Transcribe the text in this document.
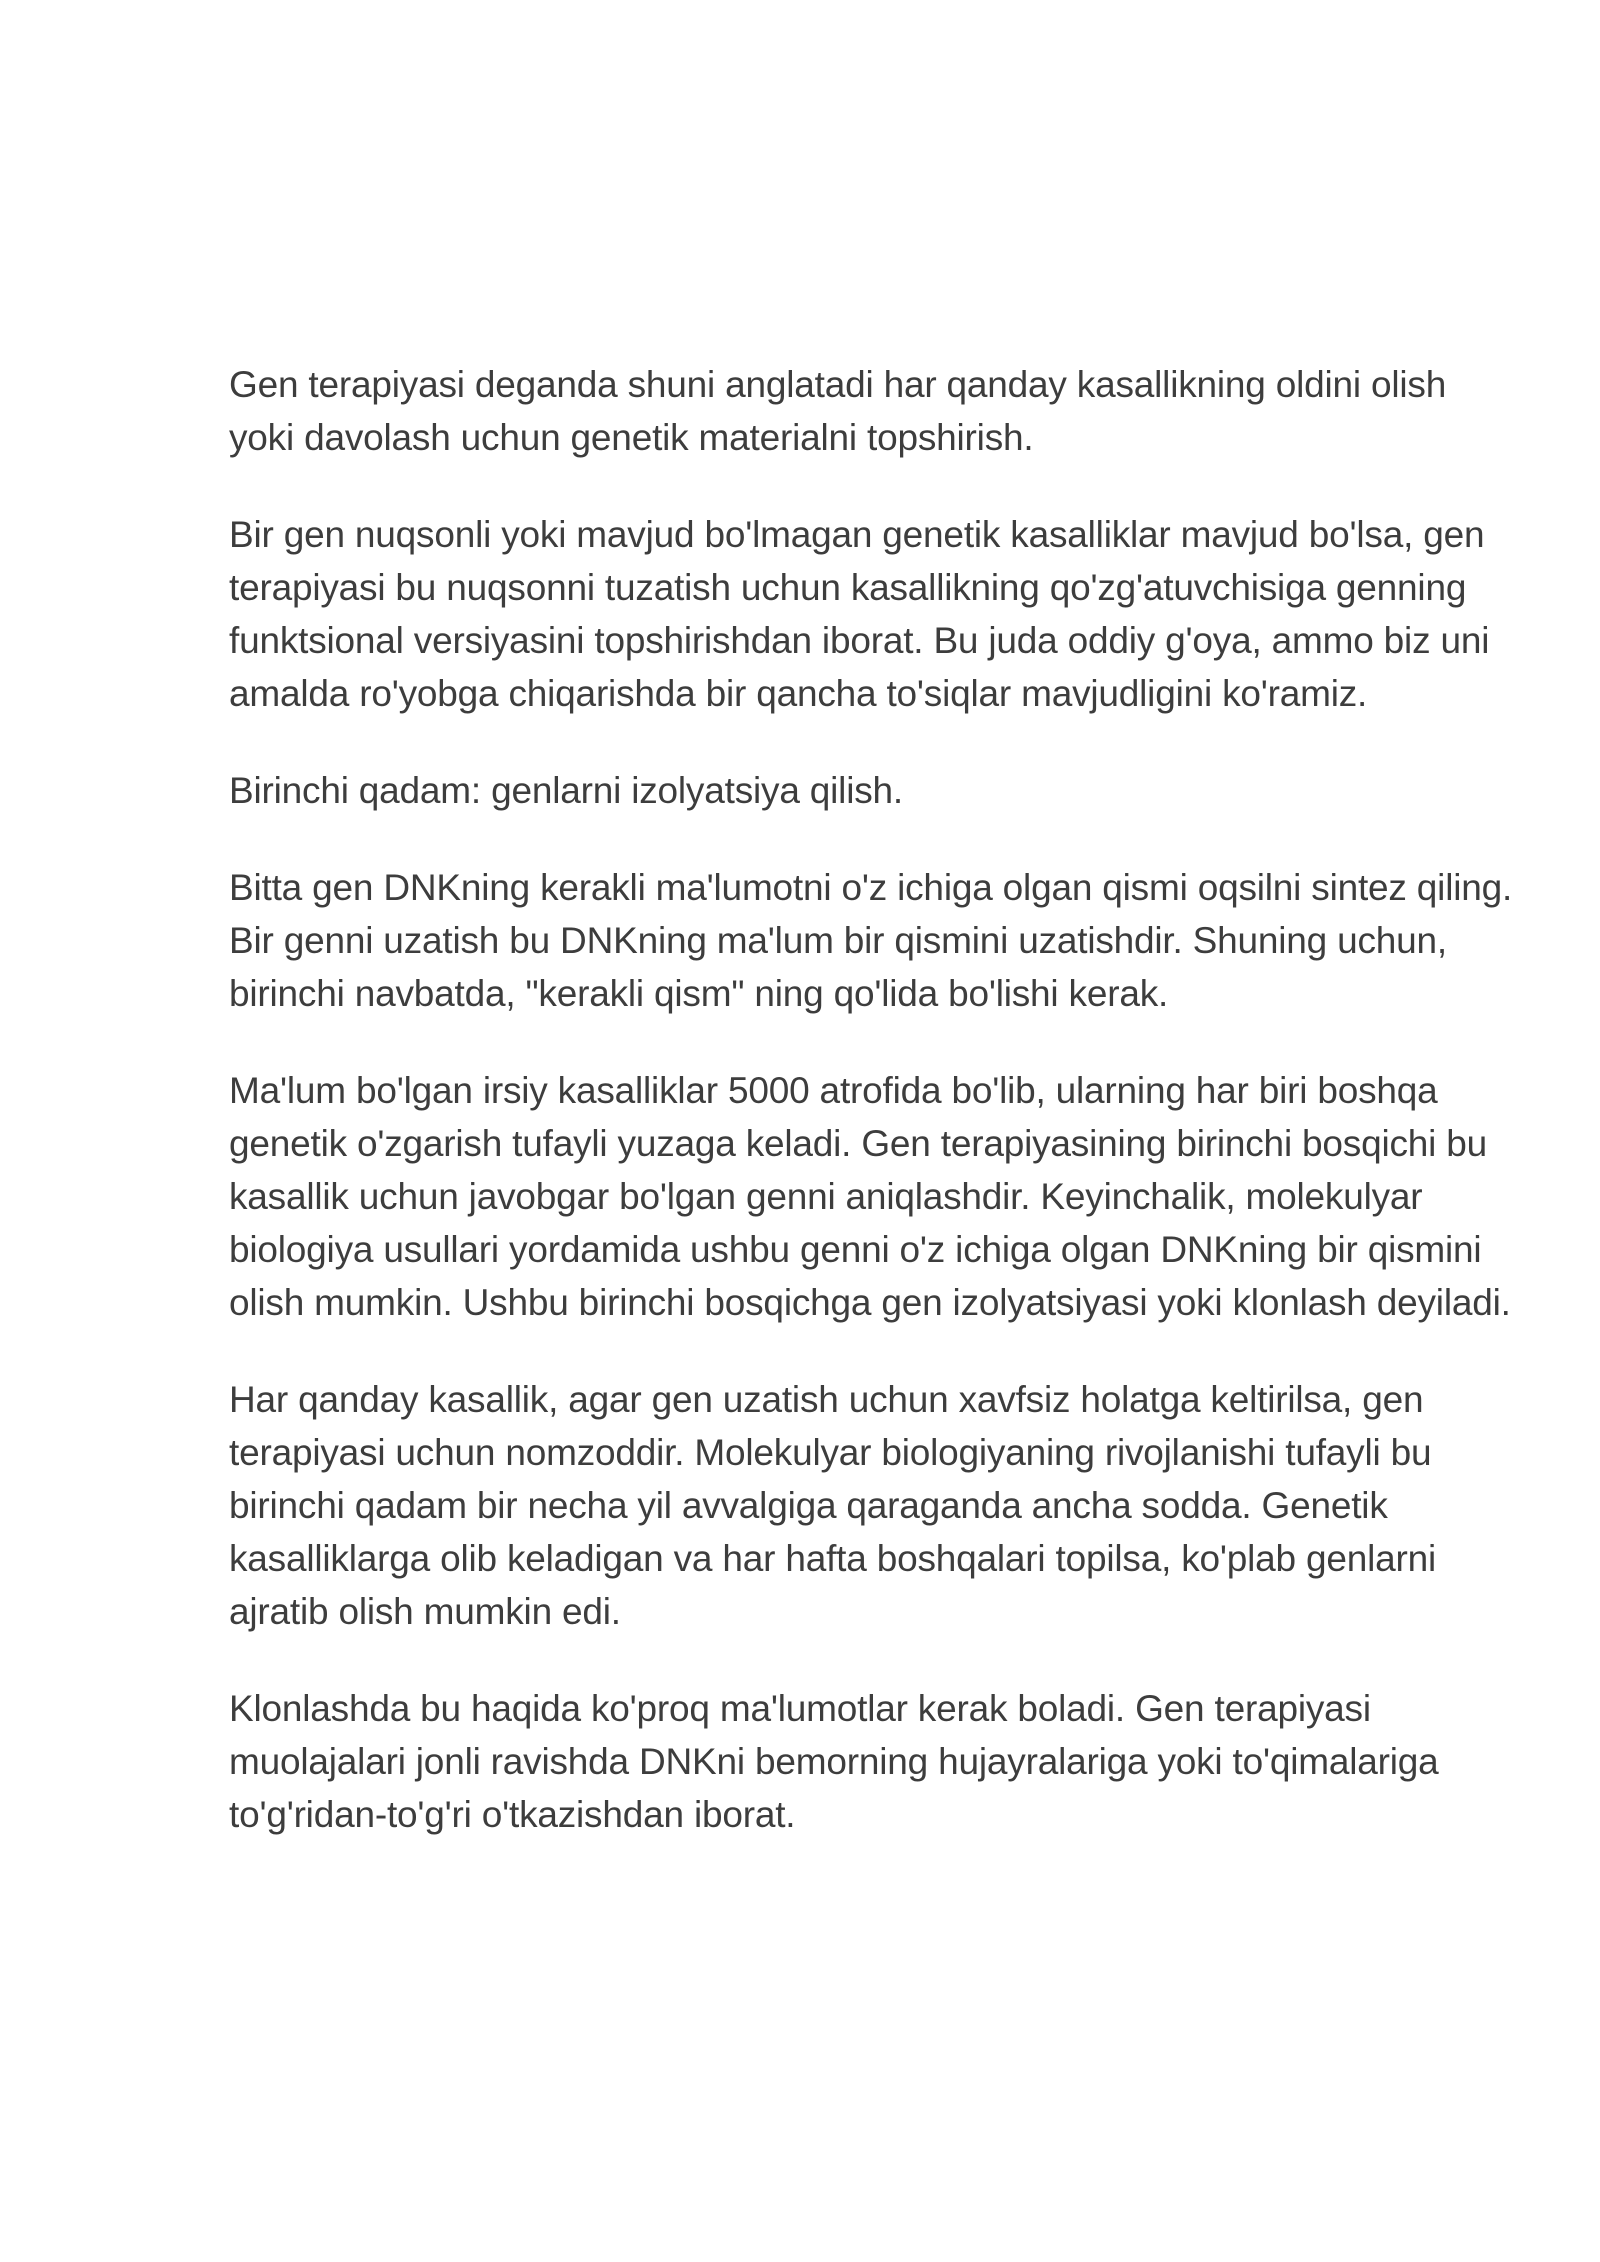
Gen terapiyasi deganda shuni anglatadi har qanday kasallikning oldini olish yoki davolash uchun genetik materialni topshirish.

Bir gen nuqsonli yoki mavjud bo'lmagan genetik kasalliklar mavjud bo'lsa, gen terapiyasi bu nuqsonni tuzatish uchun kasallikning qo'zg'atuvchisiga genning funktsional versiyasini topshirishdan iborat. Bu juda oddiy g'oya, ammo biz uni amalda ro'yobga chiqarishda bir qancha to'siqlar mavjudligini ko'ramiz.

Birinchi qadam: genlarni izolyatsiya qilish.

Bitta gen DNKning kerakli ma'lumotni o'z ichiga olgan qismi oqsilni sintez qiling. Bir genni uzatish bu DNKning ma'lum bir qismini uzatishdir. Shuning uchun, birinchi navbatda, "kerakli qism" ning qo'lida bo'lishi kerak.

Ma'lum bo'lgan irsiy kasalliklar 5000 atrofida bo'lib, ularning har biri boshqa genetik o'zgarish tufayli yuzaga keladi. Gen terapiyasining birinchi bosqichi bu kasallik uchun javobgar bo'lgan genni aniqlashdir. Keyinchalik, molekulyar biologiya usullari yordamida ushbu genni o'z ichiga olgan DNKning bir qismini olish mumkin. Ushbu birinchi bosqichga gen izolyatsiyasi yoki klonlash deyiladi.

Har qanday kasallik, agar gen uzatish uchun xavfsiz holatga keltirilsa, gen terapiyasi uchun nomzoddir. Molekulyar biologiyaning rivojlanishi tufayli bu birinchi qadam bir necha yil avvalgiga qaraganda ancha sodda. Genetik kasalliklarga olib keladigan va har hafta boshqalari topilsa, ko'plab genlarni ajratib olish mumkin edi.

Klonlashda bu haqida ko'proq ma'lumotlar kerak boladi. Gen terapiyasi muolajalari jonli ravishda DNKni bemorning hujayralariga yoki to'qimalariga to'g'ridan-to'g'ri o'tkazishdan iborat.
